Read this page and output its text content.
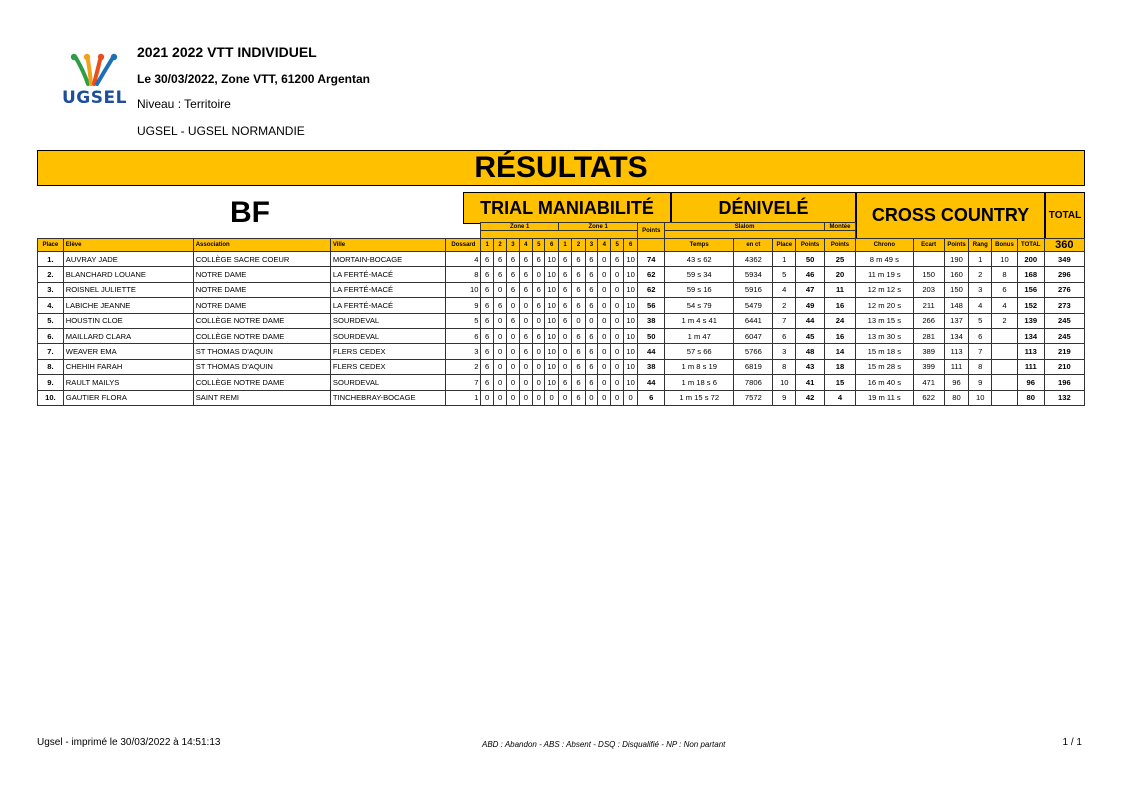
UGSEL
2021 2022 VTT INDIVIDUEL
Le 30/03/2022, Zone VTT, 61200 Argentan
Niveau : Territoire
UGSEL - UGSEL NORMANDIE
RÉSULTATS
BF	TRIAL MANIABILITÉ	DÉNIVELÉ	CROSS COUNTRY	TOTAL
					Zone 1						Zone 1						Points	Slalom				Montée							

Place	Elève	Association	Ville	Dossard	1	2	3	4	5	6	1	2	3	4	5	6		Temps	en ct	Place	Points	Points	Chrono	Ecart	Points	Rang	Bonus	TOTAL	360
1.	AUVRAY JADE	COLLÈGE SACRE COEUR	MORTAIN-BOCAGE	4	6	6	6	6	6	10	6	6	6	0	6	10	74	43 s 62	4362	1	50	25	8 m 49 s		190	1	10	200	349
2.	BLANCHARD LOUANE	NOTRE DAME	LA FERTÉ-MACÉ	8	6	6	6	6	0	10	6	6	6	0	0	10	62	59 s 34	5934	5	46	20	11 m 19 s	150	160	2	8	168	296
3.	ROISNEL JULIETTE	NOTRE DAME	LA FERTÉ-MACÉ	10	6	0	6	6	6	10	6	6	6	0	0	10	62	59 s 16	5916	4	47	11	12 m 12 s	203	150	3	6	156	276
4.	LABICHE JEANNE	NOTRE DAME	LA FERTÉ-MACÉ	9	6	6	0	0	6	10	6	6	6	0	0	10	56	54 s 79	5479	2	49	16	12 m 20 s	211	148	4	4	152	273
5.	HOUSTIN CLOE	COLLÈGE NOTRE DAME	SOURDEVAL	5	6	0	6	0	0	10	6	0	0	0	0	10	38	1 m 4 s 41	6441	7	44	24	13 m 15 s	266	137	5	2	139	245
6.	MAILLARD CLARA	COLLÈGE NOTRE DAME	SOURDEVAL	6	6	0	0	6	6	10	0	6	6	0	0	10	50	1 m 47	6047	6	45	16	13 m 30 s	281	134	6		134	245
7.	WEAVER EMA	ST THOMAS D'AQUIN	FLERS CEDEX	3	6	0	0	6	0	10	0	6	6	0	0	10	44	57 s 66	5766	3	48	14	15 m 18 s	389	113	7		113	219
8.	CHEHIH FARAH	ST THOMAS D'AQUIN	FLERS CEDEX	2	6	0	0	0	0	10	0	6	6	0	0	10	38	1 m 8 s 19	6819	8	43	18	15 m 28 s	399	111	8		111	210
9.	RAULT MAILYS	COLLÈGE NOTRE DAME	SOURDEVAL	7	6	0	0	0	0	10	6	6	6	0	0	10	44	1 m 18 s 6	7806	10	41	15	16 m 40 s	471	96	9		96	196
10.	GAUTIER FLORA	SAINT REMI	TINCHEBRAY-BOCAGE	1	0	0	0	0	0	0	0	6	0	0	0	0	6	1 m 15 s 72	7572	9	42	4	19 m 11 s	622	80	10		80	132
Ugsel - imprimé le 30/03/2022 à 14:51:13	ABD : Abandon - ABS : Absent - DSQ : Disqualifié - NP : Non partant	1 / 1
